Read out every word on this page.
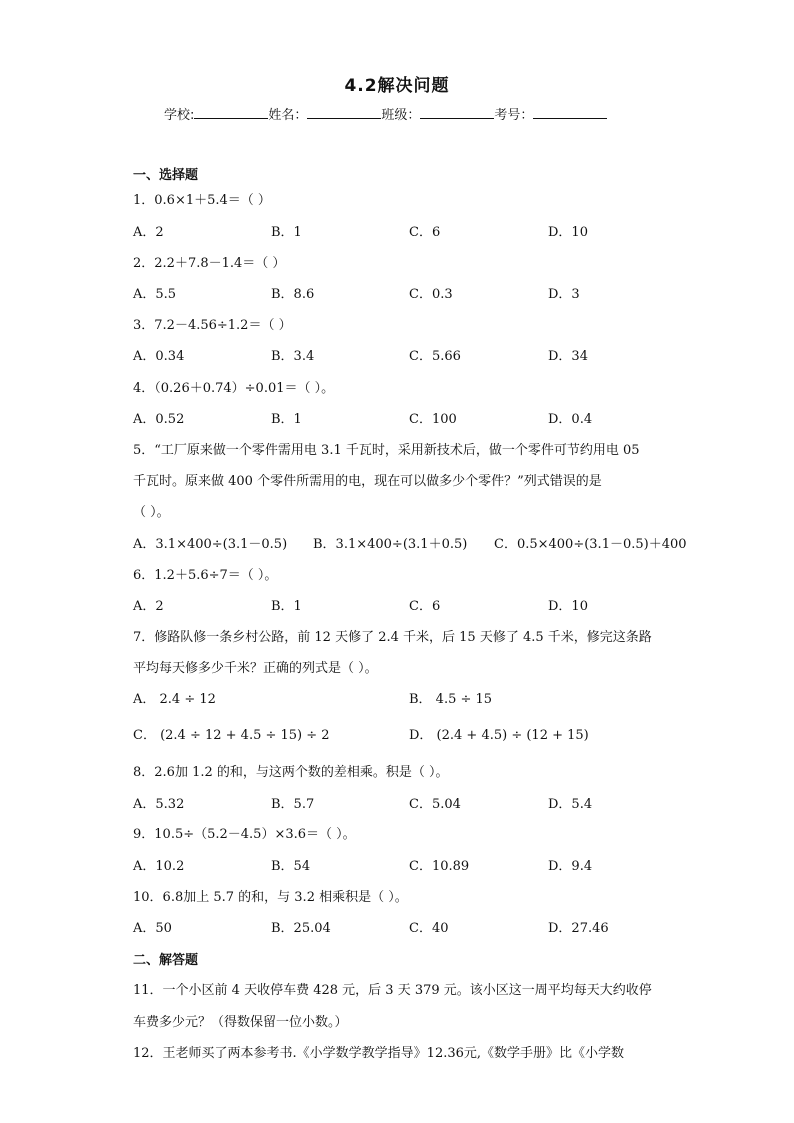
4.2解决问题
学校:	姓名：	班级：	考号：
一、选择题
1．0.6×1＋5.4＝（ ）
A．2	B．1	C．6	D．10
2．2.2＋7.8－1.4＝（ ）
A．5.5	B．8.6	C．0.3	D．3
3．7.2－4.56÷1.2＝（ ）
A．0.34	B．3.4	C．5.66	D．34
4．（0.26＋0.74）÷0.01＝（ ）。
A．0.52	B．1	C．100	D．0.4
5．“工厂原来做一个零件需用电 3.1 千瓦时，采用新技术后，做一个零件可节约用电 05
千瓦时。原来做 400 个零件所需用的电，现在可以做多少个零件？”列式错误的是
（ ）。
A．3.1×400÷(3.1－0.5) B．3.1×400÷(3.1＋0.5) C．0.5×400÷(3.1－0.5)＋400
6．1.2＋5.6÷7＝（ ）。
A．2	B．1	C．6	D．10
7．修路队修一条乡村公路，前 12 天修了 2.4 千米，后 15 天修了 4.5 千米，修完这条路
平均每天修多少千米？正确的列式是（ ）。
A． 2.4 ÷ 12	B． 4.5 ÷ 15
C． (2.4 ÷ 12 + 4.5 ÷ 15) ÷ 2	D． (2.4 + 4.5) ÷ (12 + 15)
8．2.6加 1.2 的和，与这两个数的差相乘。积是（ ）。
A．5.32	B．5.7	C．5.04	D．5.4
9．10.5÷（5.2－4.5）×3.6＝（ ）。
A．10.2	B．54	C．10.89	D．9.4
10．6.8加上 5.7 的和，与 3.2 相乘积是（ ）。
A．50	B．25.04	C．40	D．27.46
二、解答题
11．一个小区前 4 天收停车费 428 元，后 3 天 379 元。该小区这一周平均每天大约收停
车费多少元？（得数保留一位小数。）
12．王老师买了两本参考书.《小学数学教学指导》12.36元,《数学手册》比《小学数
